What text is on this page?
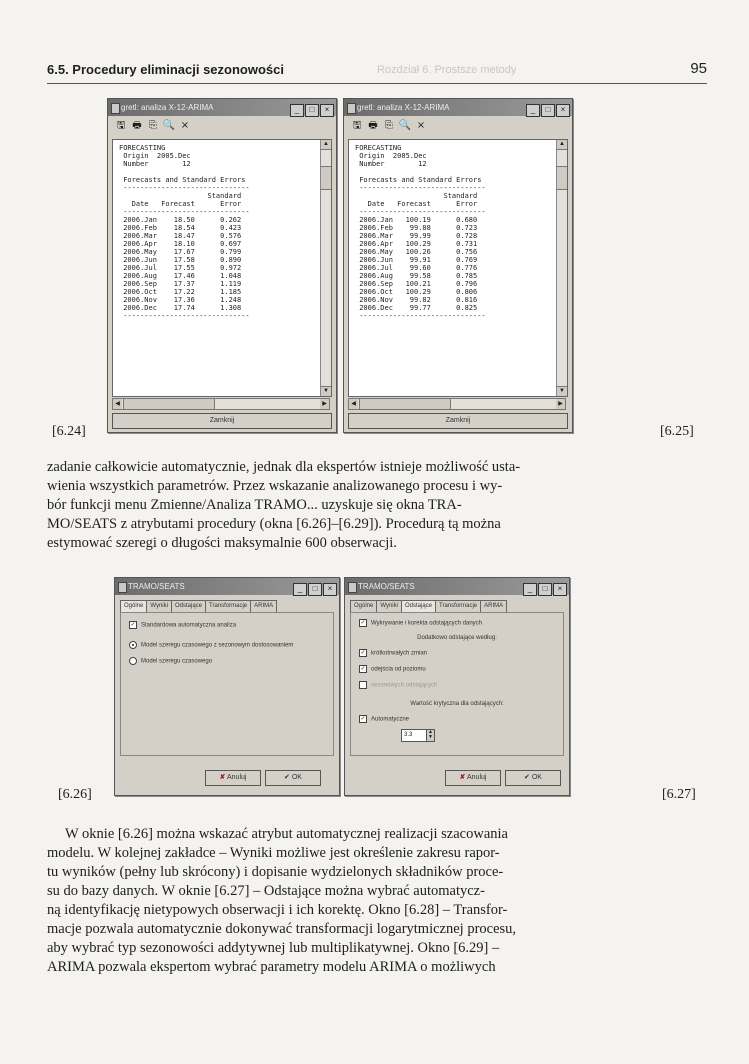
6.5. Procedury eliminacji sezonowości	Rozdział 6. Prostsze metody	95
gretl: analiza X-12-ARIMA	_ □ ×
🖫 🖶 ⎘ 🔍 ×
FORECASTING
Origin  2005.Dec
Number        12

Forecasts and Standard Errors
------------------------------
Standard
Date   Forecast      Error
------------------------------
2006.Jan    18.50      0.262
2006.Feb    18.54      0.423
2006.Mar    18.47      0.576
2006.Apr    18.10      0.697
2006.May    17.67      0.799
2006.Jun    17.58      0.890
2006.Jul    17.55      0.972
2006.Aug    17.46      1.048
2006.Sep    17.37      1.119
2006.Oct    17.22      1.185
2006.Nov    17.36      1.248
2006.Dec    17.74      1.308
------------------------------
▲
▼
◀	▶
Zamknij
gretl: analiza X-12-ARIMA	_ □ ×
🖫 🖶 ⎘ 🔍 ×
FORECASTING
Origin  2005.Dec
Number        12

Forecasts and Standard Errors
------------------------------
Standard
Date   Forecast      Error
------------------------------
2006.Jan   100.19      0.680
2006.Feb    99.88      0.723
2006.Mar    99.99      0.728
2006.Apr   100.29      0.731
2006.May   100.26      0.756
2006.Jun    99.91      0.769
2006.Jul    99.60      0.776
2006.Aug    99.58      0.785
2006.Sep   100.21      0.796
2006.Oct   100.29      0.806
2006.Nov    99.82      0.816
2006.Dec    99.77      0.825
------------------------------
▲
▼
◀	▶
Zamknij
[6.24]	[6.25]
zadanie całkowicie automatycznie, jednak dla ekspertów istnieje możliwość usta-
wienia wszystkich parametrów. Przez wskazanie analizowanego procesu i wy-
bór funkcji menu Zmienne/Analiza TRAMO... uzyskuje się okna TRA-
MO/SEATS z atrybutami procedury (okna [6.26]–[6.29]). Procedurą tą można
estymować szeregi o długości maksymalnie 600 obserwacji.
TRAMO/SEATS	_ □ ×
Ogólne Wyniki Odstające Transformacje ARIMA
✓ Standardowa automatyczna analiza
Model szeregu czasowego z sezonowym dostosowaniem
Model szeregu czasowego
✘ Anuluj	✔ OK
TRAMO/SEATS	_ □ ×
Ogólne Wyniki Odstające Transformacje ARIMA
✓ Wykrywanie i korekta odstających danych
Dodatkowo odstające według:
✓ krótkotrwałych zmian
✓ odejścia od poziomu
sezonowych odstających
Wartość krytyczna dla odstających:
✓ Automatyczne
3.3	▲
▼
✘ Anuluj	✔ OK
[6.26]	[6.27]
W oknie [6.26] można wskazać atrybut automatycznej realizacji szacowania
modelu. W kolejnej zakładce – Wyniki możliwe jest określenie zakresu rapor-
tu wyników (pełny lub skrócony) i dopisanie wydzielonych składników proce-
su do bazy danych. W oknie [6.27] – Odstające można wybrać automatycz-
ną identyfikację nietypowych obserwacji i ich korektę. Okno [6.28] – Transfor-
macje pozwala automatycznie dokonywać transformacji logarytmicznej procesu,
aby wybrać typ sezonowości addytywnej lub multiplikatywnej. Okno [6.29] –
ARIMA pozwala ekspertom wybrać parametry modelu ARIMA o możliwych
